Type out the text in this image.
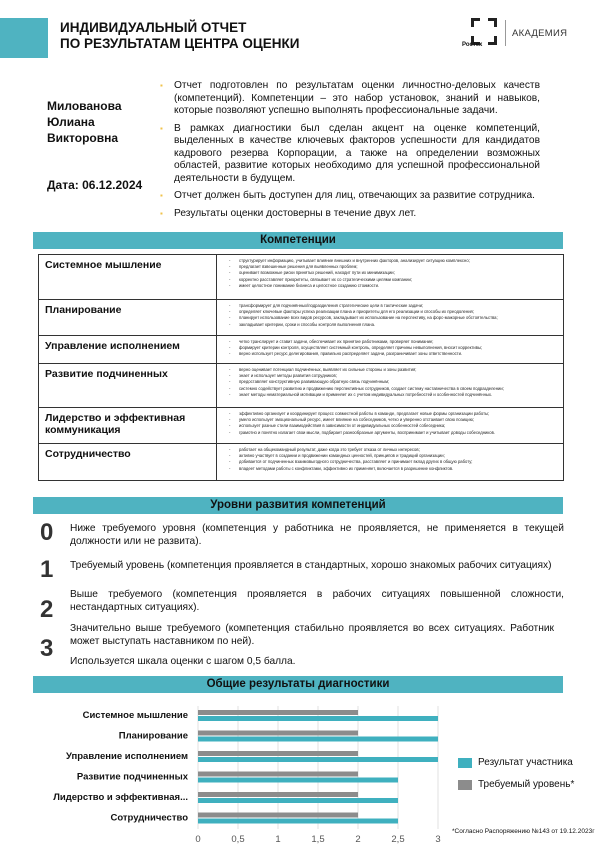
ИНДИВИДУАЛЬНЫЙ ОТЧЕТ
ПО РЕЗУЛЬТАТАМ ЦЕНТРА ОЦЕНКИ	Ростех
АКАДЕМИЯ
Милованова
Юлиана
Викторовна
Дата: 06.12.2024
▪ Отчет подготовлен по результатам оценки личностно-деловых качеств (компетенций). Компетенции – это набор установок, знаний и навыков, которые позволяют успешно выполнять профессиональные задачи.
▪ В рамках диагностики был сделан акцент на оценке компетенций, выделенных в качестве ключевых факторов успешности для кандидатов кадрового резерва Корпорации, а также на определении возможных областей, развитие которых необходимо для успешной профессиональной деятельности в будущем.
▪ Отчет должен быть доступен для лиц, отвечающих за развитие сотрудника.
▪ Результаты оценки достоверны в течение двух лет.
Компетенции
Системное мышление	- структурирует информацию, учитывает влияние внешних и внутренних факторов, анализирует ситуацию комплексно;
- предлагает взвешенные решения для выявленных проблем;
- оценивает возможные риски принятых решений, находит пути их минимизации;
- корректно расставляет приоритеты, связывает их со стратегическими целями компании;
- имеет целостное понимание бизнеса и целостное созданию стоимости.
Планирование	- трансформирует для подчинённых/подразделения стратегические цели в тактические задачи;
- определяет ключевые факторы успеха реализации плана и приоритеты для его реализации и способы их преодоления;
- планирует использование всех видов ресурсов, закладывает их использование на перспективу, на форс-мажорные обстоятельства;
- закладывает критерии, сроки и способы контроля выполнения плана.
Управление исполнением	- четко транслирует и ставит задачи, обеспечивает их принятие работниками, проверяет понимание;
- формирует критерии контроля, осуществляет системный контроль, определяет причины невыполнения, вносит коррективы;
- верно использует ресурс делегирования, правильно распределяет задачи, разграничивает зоны ответственности.
Развитие подчиненных	- верно оценивает потенциал подчинённых, выявляет их сильные стороны и зоны развития;
- знает и использует методы развития сотрудников;
- предоставляет конструктивную развивающую обратную связь подчинённым;
- системно содействует развитию и продвижению перспективных сотрудников, создает систему наставничества в своем подразделении;
- знает методы нематериальной мотивации и применяет их с учетом индивидуальных потребностей и особенностей подчинённых.
Лидерство и эффективная коммуникация
- эффективно организует и координирует процесс совместной работы в команде, предлагает новые формы организации работы;
- умело использует эмоциональный ресурс, имеет влияние на собеседников, четко и уверенно отстаивает свою позицию;
- использует разные стили взаимодействия в зависимости от индивидуальных особенностей собеседника;
- грамотно и понятно излагает свои мысли, подбирает разнообразные аргументы, воспринимает и учитывает доводы собеседников.
Сотрудничество	- работает на общекомандный результат, даже когда это требует отказа от личных интересов;
- активно участвует в создании и продвижении командных ценностей, принципов и традиций организации;
- добивается от подчиненных взаимовыгодного сотрудничества, расставляет и принимает вклад других в общую работу;
- владеет методами работы с конфликтами, эффективно их применяет, включается в разрешение конфликтов.
Уровни развития компетенций
0 Ниже требуемого уровня (компетенция у работника не проявляется, не применяется в текущей должности или не развита).
1 Требуемый уровень (компетенция проявляется в стандартных, хорошо знакомых рабочих ситуациях)
2
Выше требуемого (компетенция проявляется в рабочих ситуациях повышенной сложности, нестандартных ситуациях).
3
Значительно выше требуемого (компетенция стабильно проявляется во всех ситуациях. Работник может выступать наставником по ней).
Используется шкала оценки с шагом 0,5 балла.
Общие результаты диагностики
0	0,5	1	1,5	2	2,5	3
Системное мышление
Планирование
Управление исполнением
Развитие подчиненных
Лидерство и эффективная...
Сотрудничество
Результат участника
Требуемый уровень*
*Согласно Распоряжению №143 от 19.12.2023г
